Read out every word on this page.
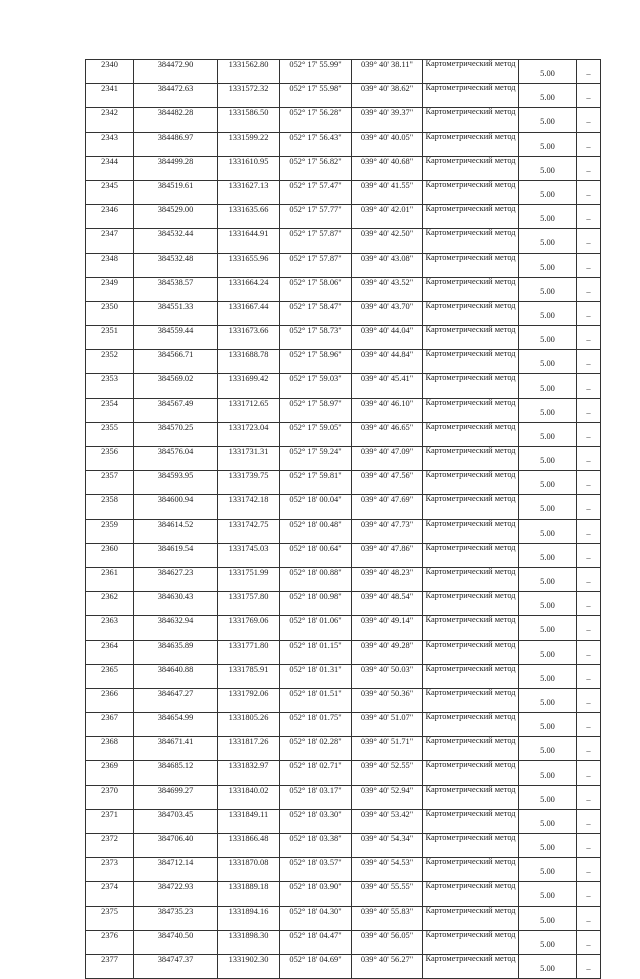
2340	384472.90	1331562.80	052° 17' 55.99"	039° 40' 38.11"	Картометрический метод	5.00	–
2341	384472.63	1331572.32	052° 17' 55.98"	039° 40' 38.62"	Картометрический метод	5.00	–
2342	384482.28	1331586.50	052° 17' 56.28"	039° 40' 39.37"	Картометрический метод	5.00	–
2343	384486.97	1331599.22	052° 17' 56.43"	039° 40' 40.05"	Картометрический метод	5.00	–
2344	384499.28	1331610.95	052° 17' 56.82"	039° 40' 40.68"	Картометрический метод	5.00	–
2345	384519.61	1331627.13	052° 17' 57.47"	039° 40' 41.55"	Картометрический метод	5.00	–
2346	384529.00	1331635.66	052° 17' 57.77"	039° 40' 42.01"	Картометрический метод	5.00	–
2347	384532.44	1331644.91	052° 17' 57.87"	039° 40' 42.50"	Картометрический метод	5.00	–
2348	384532.48	1331655.96	052° 17' 57.87"	039° 40' 43.08"	Картометрический метод	5.00	–
2349	384538.57	1331664.24	052° 17' 58.06"	039° 40' 43.52"	Картометрический метод	5.00	–
2350	384551.33	1331667.44	052° 17' 58.47"	039° 40' 43.70"	Картометрический метод	5.00	–
2351	384559.44	1331673.66	052° 17' 58.73"	039° 40' 44.04"	Картометрический метод	5.00	–
2352	384566.71	1331688.78	052° 17' 58.96"	039° 40' 44.84"	Картометрический метод	5.00	–
2353	384569.02	1331699.42	052° 17' 59.03"	039° 40' 45.41"	Картометрический метод	5.00	–
2354	384567.49	1331712.65	052° 17' 58.97"	039° 40' 46.10"	Картометрический метод	5.00	–
2355	384570.25	1331723.04	052° 17' 59.05"	039° 40' 46.65"	Картометрический метод	5.00	–
2356	384576.04	1331731.31	052° 17' 59.24"	039° 40' 47.09"	Картометрический метод	5.00	–
2357	384593.95	1331739.75	052° 17' 59.81"	039° 40' 47.56"	Картометрический метод	5.00	–
2358	384600.94	1331742.18	052° 18' 00.04"	039° 40' 47.69"	Картометрический метод	5.00	–
2359	384614.52	1331742.75	052° 18' 00.48"	039° 40' 47.73"	Картометрический метод	5.00	–
2360	384619.54	1331745.03	052° 18' 00.64"	039° 40' 47.86"	Картометрический метод	5.00	–
2361	384627.23	1331751.99	052° 18' 00.88"	039° 40' 48.23"	Картометрический метод	5.00	–
2362	384630.43	1331757.80	052° 18' 00.98"	039° 40' 48.54"	Картометрический метод	5.00	–
2363	384632.94	1331769.06	052° 18' 01.06"	039° 40' 49.14"	Картометрический метод	5.00	–
2364	384635.89	1331771.80	052° 18' 01.15"	039° 40' 49.28"	Картометрический метод	5.00	–
2365	384640.88	1331785.91	052° 18' 01.31"	039° 40' 50.03"	Картометрический метод	5.00	–
2366	384647.27	1331792.06	052° 18' 01.51"	039° 40' 50.36"	Картометрический метод	5.00	–
2367	384654.99	1331805.26	052° 18' 01.75"	039° 40' 51.07"	Картометрический метод	5.00	–
2368	384671.41	1331817.26	052° 18' 02.28"	039° 40' 51.71"	Картометрический метод	5.00	–
2369	384685.12	1331832.97	052° 18' 02.71"	039° 40' 52.55"	Картометрический метод	5.00	–
2370	384699.27	1331840.02	052° 18' 03.17"	039° 40' 52.94"	Картометрический метод	5.00	–
2371	384703.45	1331849.11	052° 18' 03.30"	039° 40' 53.42"	Картометрический метод	5.00	–
2372	384706.40	1331866.48	052° 18' 03.38"	039° 40' 54.34"	Картометрический метод	5.00	–
2373	384712.14	1331870.08	052° 18' 03.57"	039° 40' 54.53"	Картометрический метод	5.00	–
2374	384722.93	1331889.18	052° 18' 03.90"	039° 40' 55.55"	Картометрический метод	5.00	–
2375	384735.23	1331894.16	052° 18' 04.30"	039° 40' 55.83"	Картометрический метод	5.00	–
2376	384740.50	1331898.30	052° 18' 04.47"	039° 40' 56.05"	Картометрический метод	5.00	–
2377	384747.37	1331902.30	052° 18' 04.69"	039° 40' 56.27"	Картометрический метод	5.00	–
